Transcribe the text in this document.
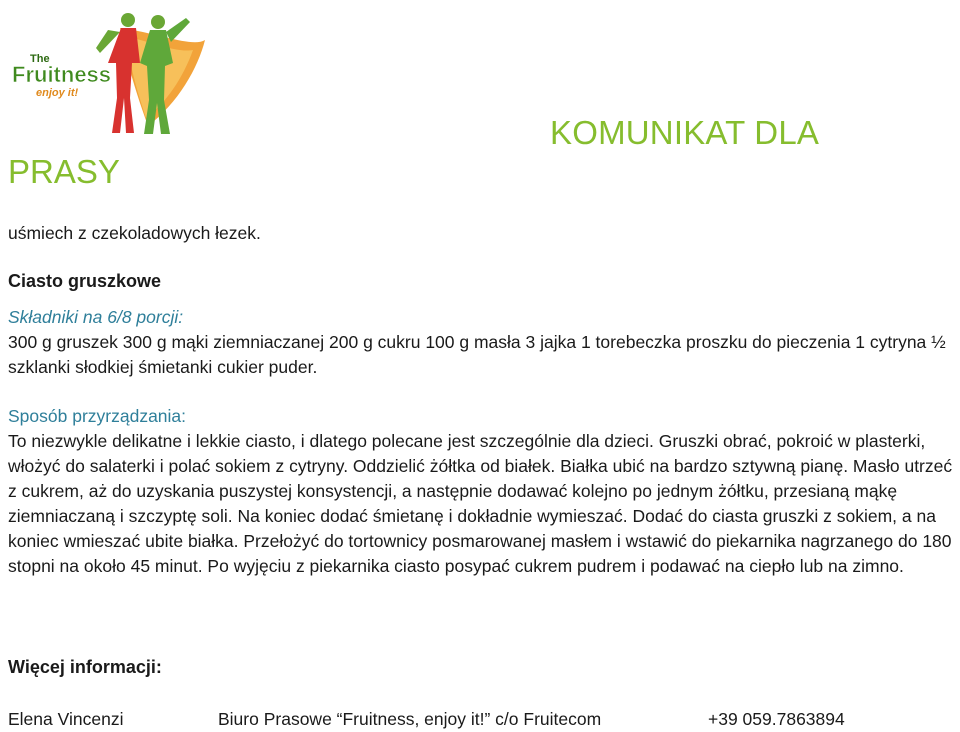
The
Fruitness
enjoy it!
KOMUNIKAT DLA
PRASY
uśmiech z czekoladowych łezek.
Ciasto gruszkowe
Składniki na 6/8 porcji:
300 g gruszek 300 g mąki ziemniaczanej 200 g cukru 100 g masła 3 jajka 1 torebeczka proszku do pieczenia 1 cytryna ½ szklanki słodkiej śmietanki cukier puder.
Sposób przyrządzania:
To niezwykle delikatne i lekkie ciasto, i dlatego polecane jest szczególnie dla dzieci. Gruszki obrać, pokroić w plasterki, włożyć do salaterki i polać sokiem z cytryny. Oddzielić żółtka od białek. Białka ubić na bardzo sztywną pianę. Masło utrzeć z cukrem, aż do uzyskania puszystej konsystencji, a następnie dodawać kolejno po jednym żółtku, przesianą mąkę ziemniaczaną i szczyptę soli. Na koniec dodać śmietanę i dokładnie wymieszać. Dodać do ciasta gruszki z sokiem, a na koniec wmieszać ubite białka. Przełożyć do tortownicy posmarowanej masłem i wstawić do piekarnika nagrzanego do 180 stopni na około 45 minut. Po wyjęciu z piekarnika ciasto posypać cukrem pudrem i podawać na ciepło lub na zimno.
Więcej informacji:
Elena Vincenzi	Biuro Prasowe “Fruitness, enjoy it!” c/o Fruitecom	+39 059.7863894
